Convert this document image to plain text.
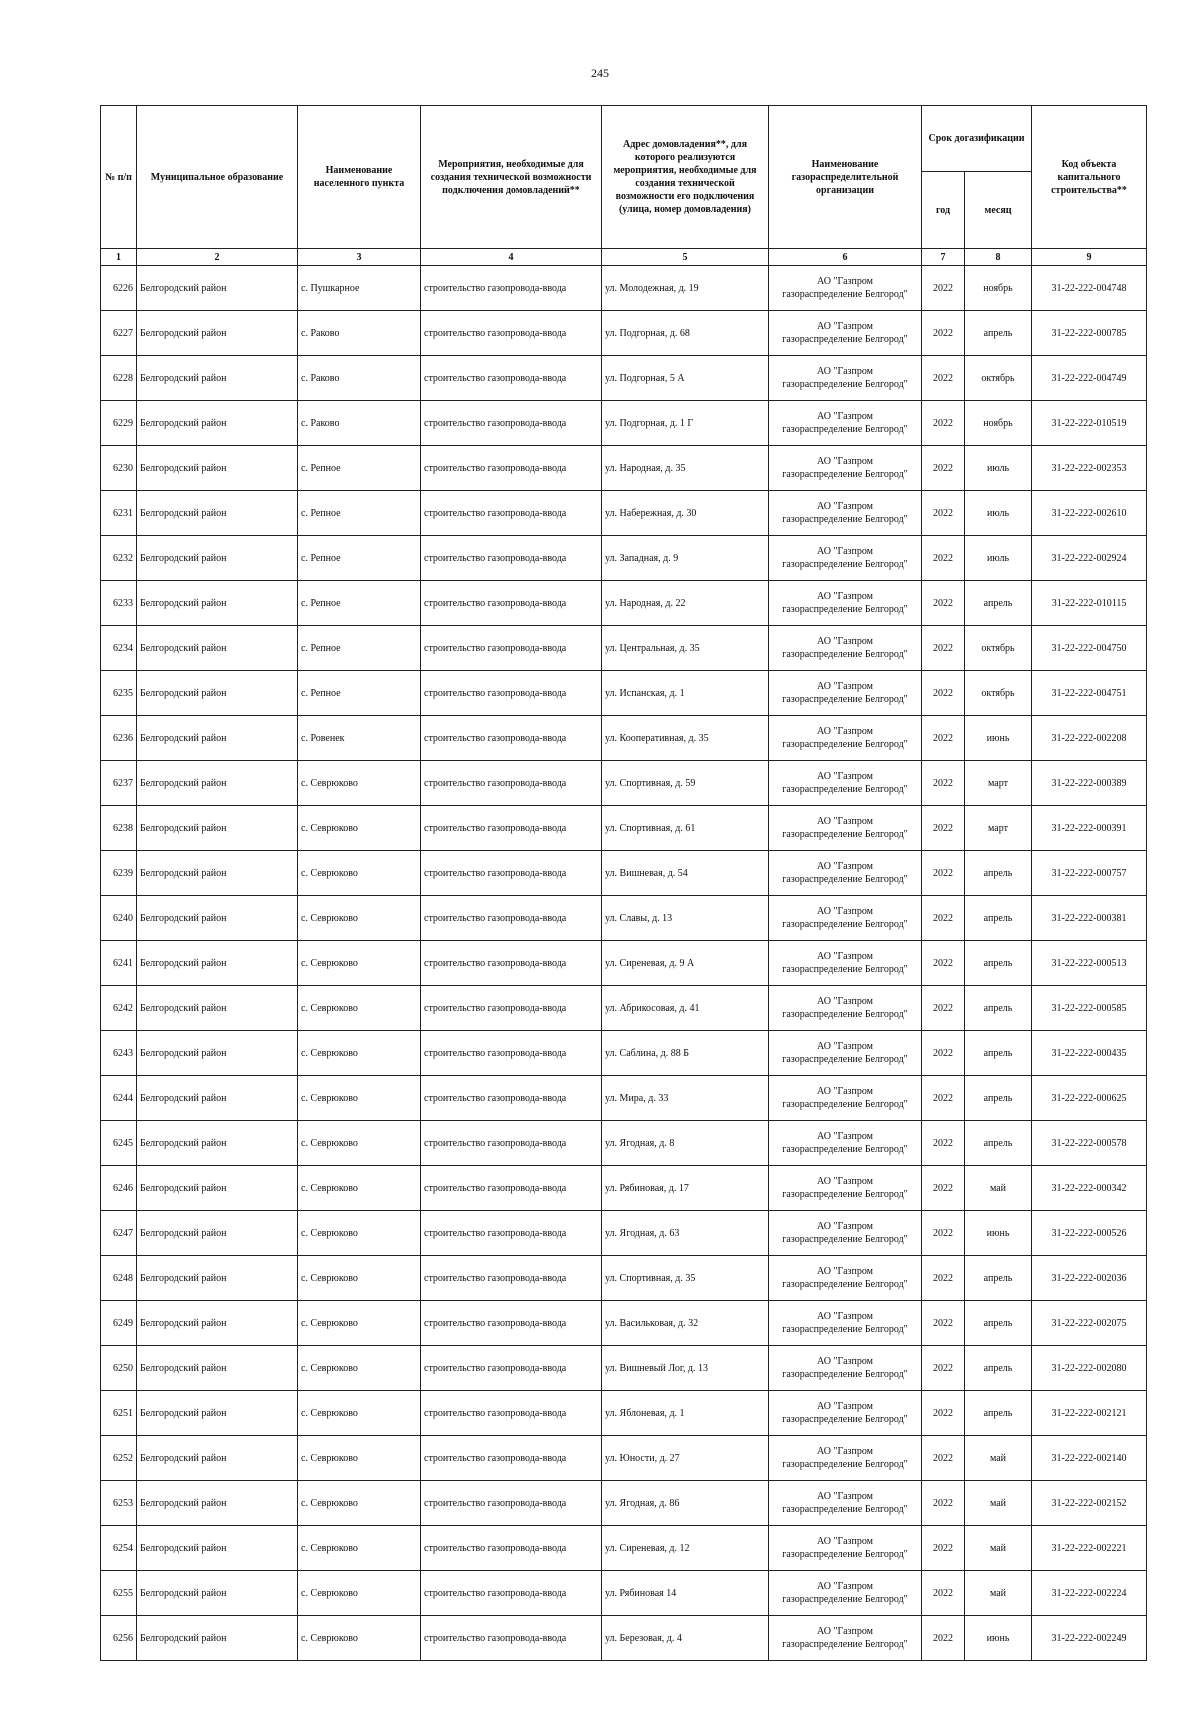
245
№ п/п	Муниципальное образование	Наименование населенного пункта	Мероприятия, необходимые для создания технической возможности подключения домовладений**	Адрес домовладения**, для которого реализуются мероприятия, необходимые для создания технической возможности его подключения (улица, номер домовладения)	Наименование газораспределительной организации	Срок догазификации		Код объекта капитального строительства**
						год	месяц	
1	2	3	4	5	6	7	8	9
6226	Белгородский район	с. Пушкарное	строительство газопровода-ввода	ул. Молодежная, д. 19	АО "Газпром
газораспределение Белгород"	2022	ноябрь	31-22-222-004748
6227	Белгородский район	с. Раково	строительство газопровода-ввода	ул. Подгорная, д. 68	АО "Газпром
газораспределение Белгород"	2022	апрель	31-22-222-000785
6228	Белгородский район	с. Раково	строительство газопровода-ввода	ул. Подгорная, 5 А	АО "Газпром
газораспределение Белгород"	2022	октябрь	31-22-222-004749
6229	Белгородский район	с. Раково	строительство газопровода-ввода	ул. Подгорная, д. 1 Г	АО "Газпром
газораспределение Белгород"	2022	ноябрь	31-22-222-010519
6230	Белгородский район	с. Репное	строительство газопровода-ввода	ул. Народная, д. 35	АО "Газпром
газораспределение Белгород"	2022	июль	31-22-222-002353
6231	Белгородский район	с. Репное	строительство газопровода-ввода	ул. Набережная, д. 30	АО "Газпром
газораспределение Белгород"	2022	июль	31-22-222-002610
6232	Белгородский район	с. Репное	строительство газопровода-ввода	ул. Западная, д. 9	АО "Газпром
газораспределение Белгород"	2022	июль	31-22-222-002924
6233	Белгородский район	с. Репное	строительство газопровода-ввода	ул. Народная, д. 22	АО "Газпром
газораспределение Белгород"	2022	апрель	31-22-222-010115
6234	Белгородский район	с. Репное	строительство газопровода-ввода	ул. Центральная, д. 35	АО "Газпром
газораспределение Белгород"	2022	октябрь	31-22-222-004750
6235	Белгородский район	с. Репное	строительство газопровода-ввода	ул. Испанская, д. 1	АО "Газпром
газораспределение Белгород"	2022	октябрь	31-22-222-004751
6236	Белгородский район	с. Ровенек	строительство газопровода-ввода	ул. Кооперативная, д. 35	АО "Газпром
газораспределение Белгород"	2022	июнь	31-22-222-002208
6237	Белгородский район	с. Севрюково	строительство газопровода-ввода	ул. Спортивная, д. 59	АО "Газпром
газораспределение Белгород"	2022	март	31-22-222-000389
6238	Белгородский район	с. Севрюково	строительство газопровода-ввода	ул. Спортивная, д. 61	АО "Газпром
газораспределение Белгород"	2022	март	31-22-222-000391
6239	Белгородский район	с. Севрюково	строительство газопровода-ввода	ул. Вишневая, д. 54	АО "Газпром
газораспределение Белгород"	2022	апрель	31-22-222-000757
6240	Белгородский район	с. Севрюково	строительство газопровода-ввода	ул. Славы, д. 13	АО "Газпром
газораспределение Белгород"	2022	апрель	31-22-222-000381
6241	Белгородский район	с. Севрюково	строительство газопровода-ввода	ул. Сиреневая, д. 9 А	АО "Газпром
газораспределение Белгород"	2022	апрель	31-22-222-000513
6242	Белгородский район	с. Севрюково	строительство газопровода-ввода	ул. Абрикосовая, д. 41	АО "Газпром
газораспределение Белгород"	2022	апрель	31-22-222-000585
6243	Белгородский район	с. Севрюково	строительство газопровода-ввода	ул. Саблина, д. 88 Б	АО "Газпром
газораспределение Белгород"	2022	апрель	31-22-222-000435
6244	Белгородский район	с. Севрюково	строительство газопровода-ввода	ул. Мира, д. 33	АО "Газпром
газораспределение Белгород"	2022	апрель	31-22-222-000625
6245	Белгородский район	с. Севрюково	строительство газопровода-ввода	ул. Ягодная, д. 8	АО "Газпром
газораспределение Белгород"	2022	апрель	31-22-222-000578
6246	Белгородский район	с. Севрюково	строительство газопровода-ввода	ул. Рябиновая, д. 17	АО "Газпром
газораспределение Белгород"	2022	май	31-22-222-000342
6247	Белгородский район	с. Севрюково	строительство газопровода-ввода	ул. Ягодная, д. 63	АО "Газпром
газораспределение Белгород"	2022	июнь	31-22-222-000526
6248	Белгородский район	с. Севрюково	строительство газопровода-ввода	ул. Спортивная, д. 35	АО "Газпром
газораспределение Белгород"	2022	апрель	31-22-222-002036
6249	Белгородский район	с. Севрюково	строительство газопровода-ввода	ул. Васильковая, д. 32	АО "Газпром
газораспределение Белгород"	2022	апрель	31-22-222-002075
6250	Белгородский район	с. Севрюково	строительство газопровода-ввода	ул. Вишневый Лог, д. 13	АО "Газпром
газораспределение Белгород"	2022	апрель	31-22-222-002080
6251	Белгородский район	с. Севрюково	строительство газопровода-ввода	ул. Яблоневая, д. 1	АО "Газпром
газораспределение Белгород"	2022	апрель	31-22-222-002121
6252	Белгородский район	с. Севрюково	строительство газопровода-ввода	ул. Юности, д. 27	АО "Газпром
газораспределение Белгород"	2022	май	31-22-222-002140
6253	Белгородский район	с. Севрюково	строительство газопровода-ввода	ул. Ягодная, д. 86	АО "Газпром
газораспределение Белгород"	2022	май	31-22-222-002152
6254	Белгородский район	с. Севрюково	строительство газопровода-ввода	ул. Сиреневая, д. 12	АО "Газпром
газораспределение Белгород"	2022	май	31-22-222-002221
6255	Белгородский район	с. Севрюково	строительство газопровода-ввода	ул. Рябиновая 14	АО "Газпром
газораспределение Белгород"	2022	май	31-22-222-002224
6256	Белгородский район	с. Севрюково	строительство газопровода-ввода	ул. Березовая, д. 4	АО "Газпром
газораспределение Белгород"	2022	июнь	31-22-222-002249
